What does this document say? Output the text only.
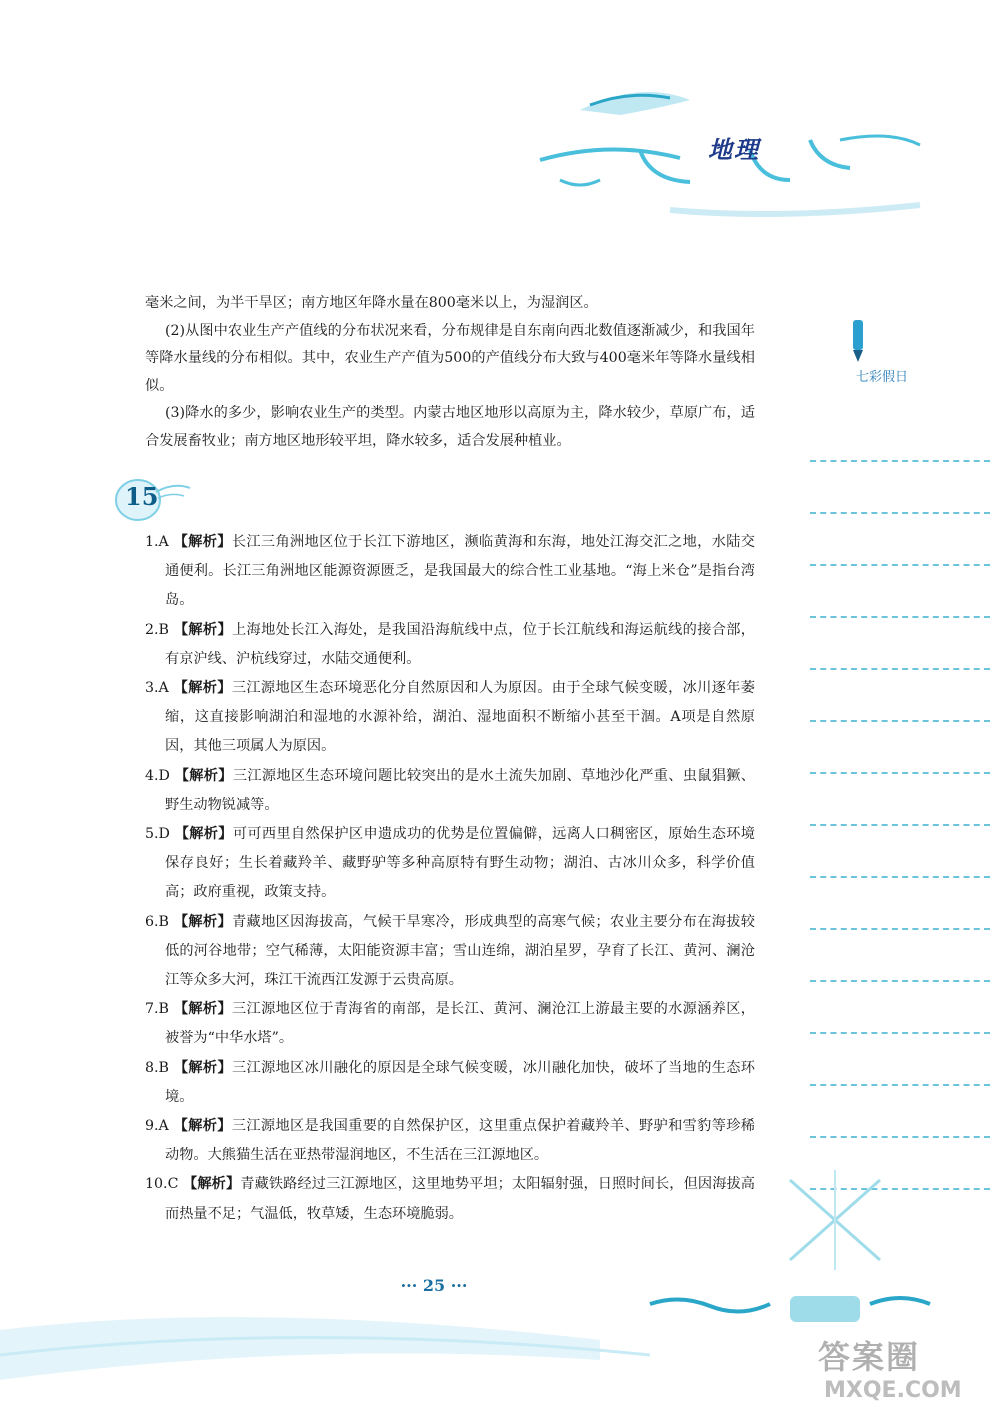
地理
七彩假日

毫米之间，为半干旱区；南方地区年降水量在800毫米以上，为湿润区。

(2)从图中农业生产产值线的分布状况来看，分布规律是自东南向西北数值逐渐减少，和我国年等降水量线的分布相似。其中，农业生产产值为500的产值线分布大致与400毫米年等降水量线相似。

(3)降水的多少，影响农业生产的类型。内蒙古地区地形以高原为主，降水较少，草原广布，适合发展畜牧业；南方地区地形较平坦，降水较多，适合发展种植业。

15

1.A 【解析】长江三角洲地区位于长江下游地区，濒临黄海和东海，地处江海交汇之地，水陆交通便利。长江三角洲地区能源资源匮乏，是我国最大的综合性工业基地。“海上米仓”是指台湾岛。

2.B 【解析】上海地处长江入海处，是我国沿海航线中点，位于长江航线和海运航线的接合部，有京沪线、沪杭线穿过，水陆交通便利。

3.A 【解析】三江源地区生态环境恶化分自然原因和人为原因。由于全球气候变暖，冰川逐年萎缩，这直接影响湖泊和湿地的水源补给，湖泊、湿地面积不断缩小甚至干涸。A项是自然原因，其他三项属人为原因。

4.D 【解析】三江源地区生态环境问题比较突出的是水土流失加剧、草地沙化严重、虫鼠猖獗、野生动物锐减等。

5.D 【解析】可可西里自然保护区申遗成功的优势是位置偏僻，远离人口稠密区，原始生态环境保存良好；生长着藏羚羊、藏野驴等多种高原特有野生动物；湖泊、古冰川众多，科学价值高；政府重视，政策支持。

6.B 【解析】青藏地区因海拔高，气候干旱寒冷，形成典型的高寒气候；农业主要分布在海拔较低的河谷地带；空气稀薄，太阳能资源丰富；雪山连绵，湖泊星罗，孕育了长江、黄河、澜沧江等众多大河，珠江干流西江发源于云贵高原。

7.B 【解析】三江源地区位于青海省的南部，是长江、黄河、澜沧江上游最主要的水源涵养区，被誉为“中华水塔”。

8.B 【解析】三江源地区冰川融化的原因是全球气候变暖，冰川融化加快，破坏了当地的生态环境。

9.A 【解析】三江源地区是我国重要的自然保护区，这里重点保护着藏羚羊、野驴和雪豹等珍稀动物。大熊猫生活在亚热带湿润地区，不生活在三江源地区。

10.C 【解析】青藏铁路经过三江源地区，这里地势平坦；太阳辐射强，日照时间长，但因海拔高而热量不足；气温低，牧草矮，生态环境脆弱。

··· 25 ···
答案圈
MXQE.COM
